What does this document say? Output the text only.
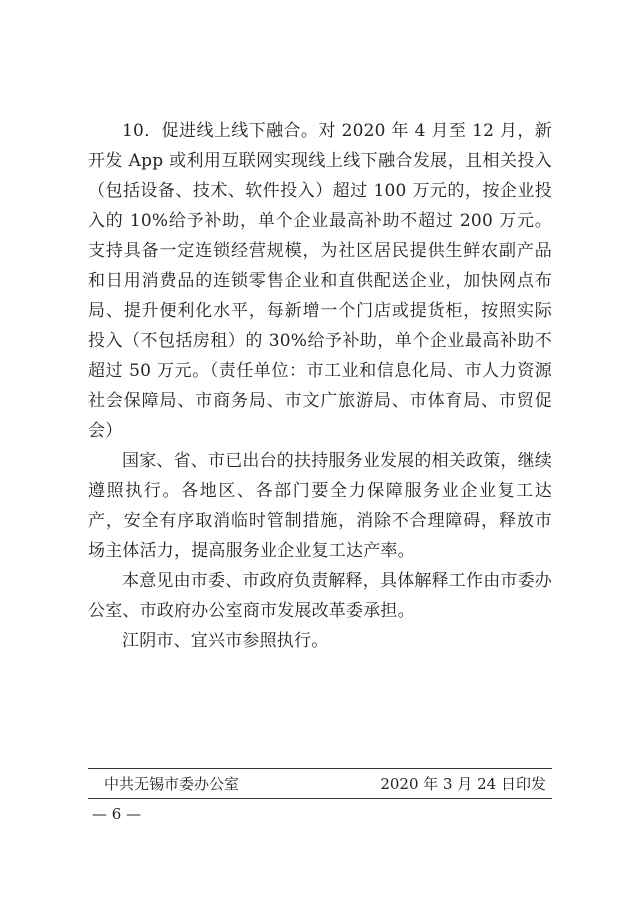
10．促进线上线下融合。对 2020 年 4 月至 12 月，新开发 App 或利用互联网实现线上线下融合发展，且相关投入（包括设备、技术、软件投入）超过 100 万元的，按企业投入的 10%给予补助，单个企业最高补助不超过 200 万元。支持具备一定连锁经营规模，为社区居民提供生鲜农副产品和日用消费品的连锁零售企业和直供配送企业，加快网点布局、提升便利化水平，每新增一个门店或提货柜，按照实际投入（不包括房租）的 30%给予补助，单个企业最高补助不超过 50 万元。（责任单位：市工业和信息化局、市人力资源社会保障局、市商务局、市文广旅游局、市体育局、市贸促会）

国家、省、市已出台的扶持服务业发展的相关政策，继续遵照执行。各地区、各部门要全力保障服务业企业复工达产，安全有序取消临时管制措施，消除不合理障碍，释放市场主体活力，提高服务业企业复工达产率。

本意见由市委、市政府负责解释，具体解释工作由市委办公室、市政府办公室商市发展改革委承担。

江阴市、宜兴市参照执行。

中共无锡市委办公室	2020 年 3 月 24 日印发
— 6 —
